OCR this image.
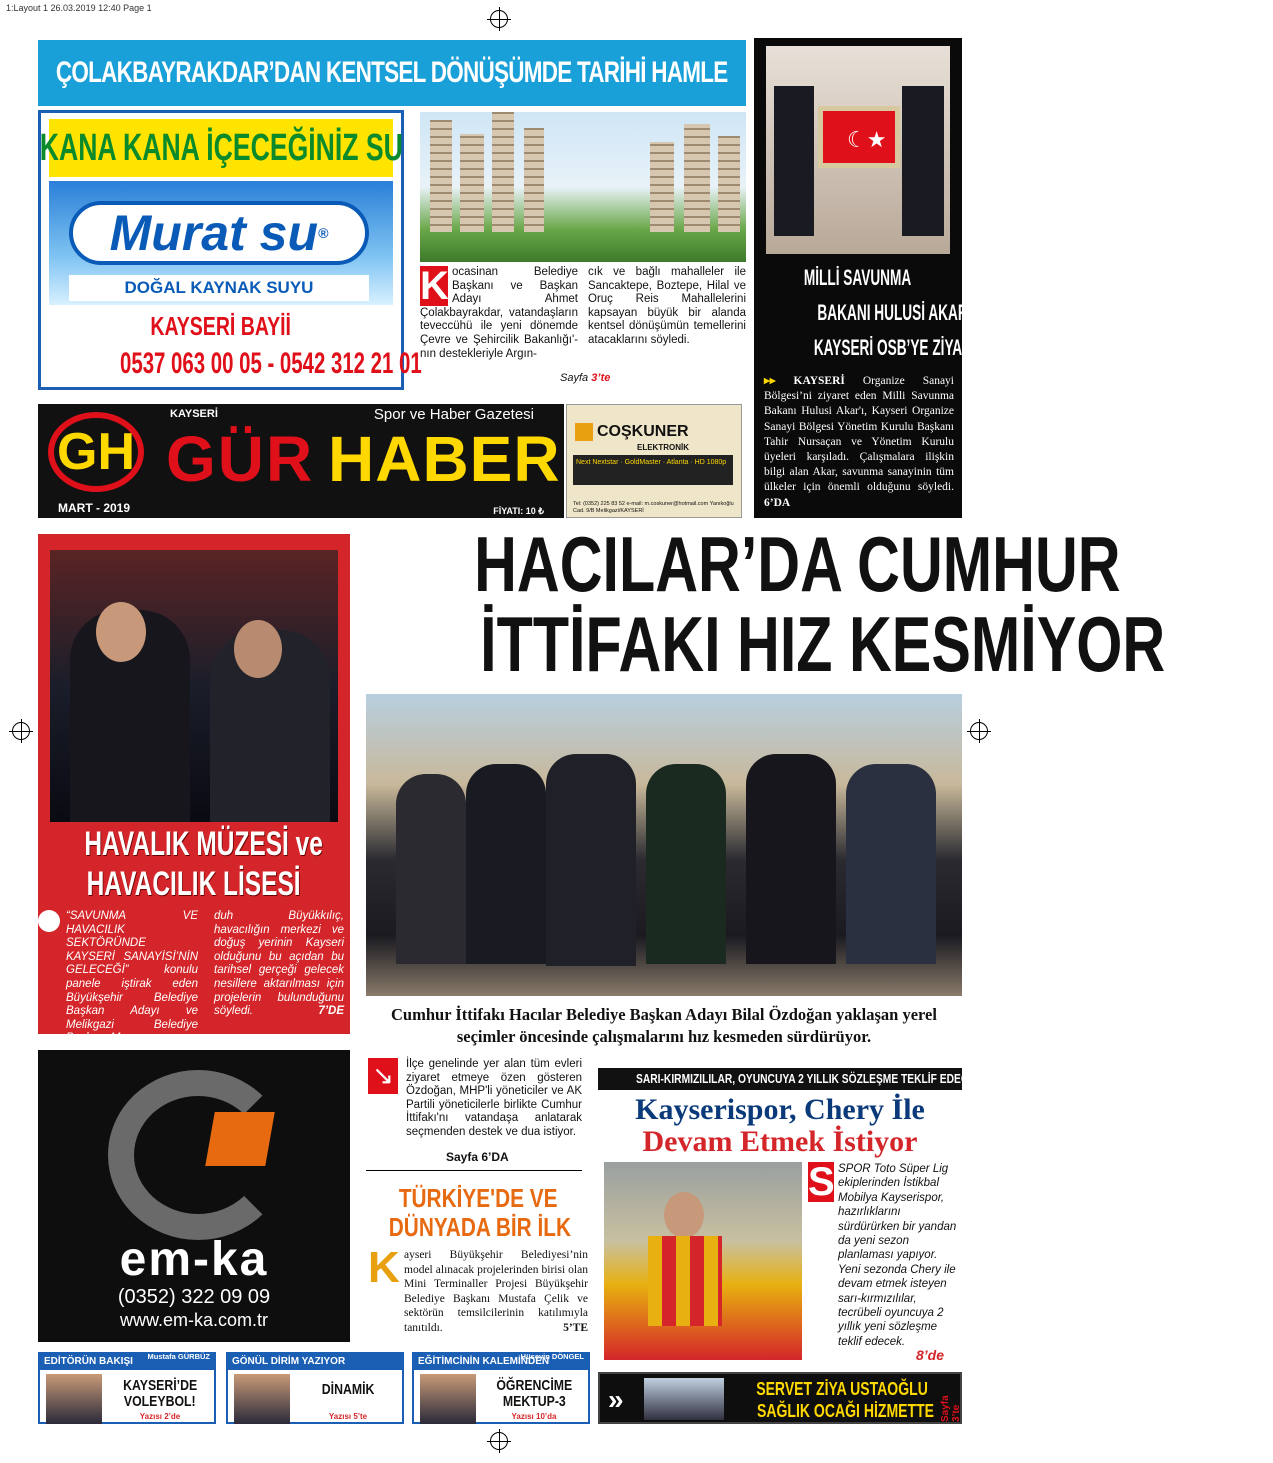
1:Layout 1 26.03.2019 12:40 Page 1
ÇOLAKBAYRAKDAR’DAN KENTSEL DÖNÜŞÜMDE TARİHİ HAMLE
KANA KANA İÇECEĞİNİZ SU
Murat su ®
DOĞAL KAYNAK SUYU
KAYSERİ BAYİİ
0537 063 00 05 - 0542 312 21 01
K ocasinan Belediye Başkanı ve Başkan Adayı Ahmet Çolakbayrakdar, vatandaşların teveccühü ile yeni dönemde Çevre ve Şehircilik Bakanlığı'-nın destekleriyle Argın-
cık ve bağlı mahalleler ile Sancaktepe, Boztepe, Hilal ve Oruç Reis Mahallelerini kapsayan büyük bir alanda kentsel dönüşümün temellerini atacaklarını söyledi.
Sayfa 3’te
☾★
MİLLİ SAVUNMA
BAKANI HULUSİ AKAR’DAN,
KAYSERİ OSB’YE ZİYARET
▸▸ KAYSERİ Organize Sanayi Bölgesi’ni ziyaret eden Milli Savunma Bakanı Hulusi Akar'ı, Kayseri Organize Sanayi Bölgesi Yönetim Kurulu Başkanı Tahir Nursaçan ve Yönetim Kurulu üyeleri karşıladı. Çalışmalara ilişkin bilgi alan Akar, savunma sanayinin tüm ülkeler için önemli olduğunu söyledi. 6’DA
GH
KAYSERİ	Spor ve Haber Gazetesi
GÜR HABER
MART - 2019	FİYATI: 10 ₺
COŞKUNER
ELEKTRONİK
Next Nextstar · GoldMaster · Atlanta · HD 1080p
Tel: (0352) 225 83 52 e-mail: m.coskuner@hotmail.com Yanıkoğlu Cad. 9/B Melikgazi/KAYSERİ
HAVALIK MÜZESİ ve
HAVACILIK LİSESİ
“SAVUNMA VE HAVACILIK SEKTÖRÜNDE KAYSERİ SANAYİSİ’NİN GELECEĞİ” konulu panele iştirak eden Büyükşehir Belediye Başkan Adayı ve Melikgazi Belediye Başkanı Mem-
duh Büyükkılıç, havacılığın merkezi ve doğuş yerinin Kayseri olduğunu bu açıdan bu tarihsel gerçeği gelecek nesillere aktarılması için projelerin bulunduğunu söyledi.	7’DE
HACILAR’DA CUMHUR
İTTİFAKI HIZ KESMİYOR
Cumhur İttifakı Hacılar Belediye Başkan Adayı Bilal Özdoğan yaklaşan yerel seçimler öncesinde çalışmalarını hız kesmeden sürdürüyor.
em-ka
(0352) 322 09 09
www.em-ka.com.tr
↘	İlçe genelinde yer alan tüm evleri ziyaret etmeye özen gösteren Özdoğan, MHP'li yöneticiler ve AK Partili yöneticilerle birlikte Cumhur İttifakı'nı vatandaşa anlatarak seçmenden destek ve dua istiyor.
Sayfa 6’DA
TÜRKİYE'DE VE
DÜNYADA BİR İLK
K ayseri Büyükşehir Belediyesi’nin model alınacak projelerinden birisi olan Mini Terminaller Projesi Büyükşehir Belediye Başkanı Mustafa Çelik ve sektörün temsilcilerinin katılımıyla tanıtıldı.	5’TE
SARI-KIRMIZILILAR, OYUNCUYA 2 YILLIK SÖZLEŞME TEKLİF EDECEK
Kayserispor, Chery İle
Devam Etmek İstiyor
S SPOR Toto Süper Lig ekiplerinden İstikbal Mobilya Kayserispor, hazırlıklarını sürdürürken bir yandan da yeni sezon planlaması yapıyor. Yeni sezonda Chery ile devam etmek isteyen sarı-kırmızılılar, tecrübeli oyuncuya 2 yıllık yeni sözleşme teklif edecek.
8’de
»	SERVET ZİYA USTAOĞLU
SAĞLIK OCAĞI HİZMETTE Sayfa 3’te
EDİTÖRÜN BAKIŞI	Mustafa GÜRBÜZ
KAYSERİ’DE
VOLEYBOL!
Yazısı 2’de
GÖNÜL DİRİM YAZIYOR
DİNAMİK
Yazısı 5’te
EĞİTİMCİNİN KALEMİNDEN
Hüseyin DÖNGEL
ÖĞRENCİME
MEKTUP-3
Yazısı 10’da
